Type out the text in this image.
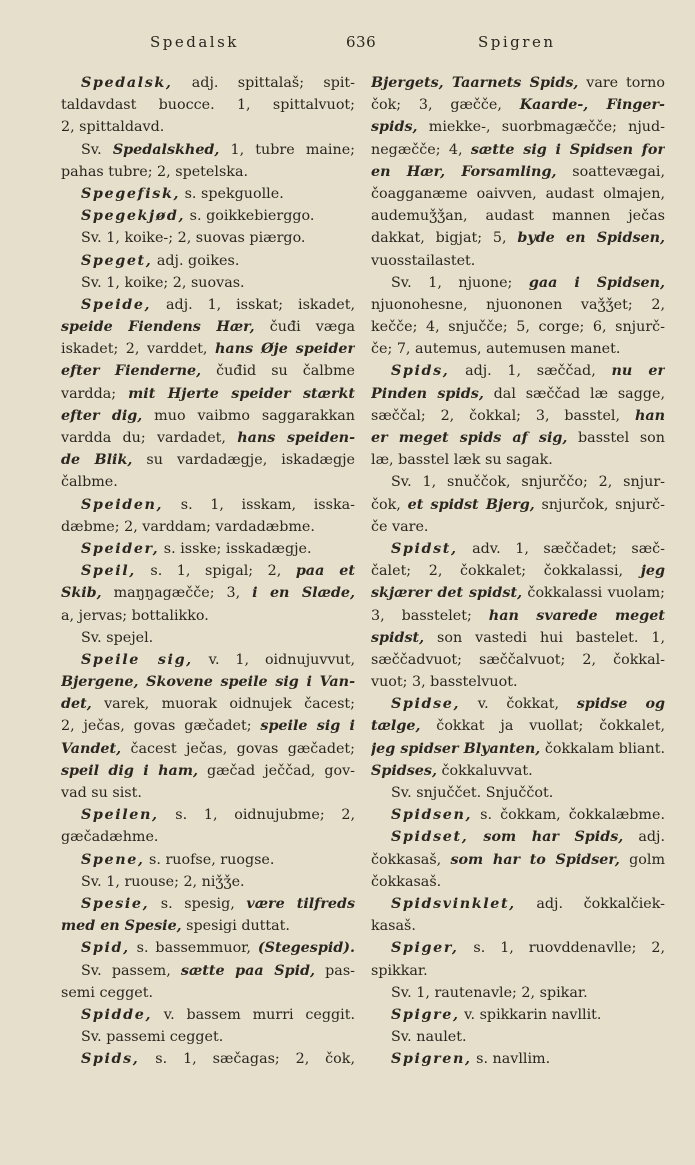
Spedalsk	636	Spigren
Spedalsk, adj. spittalaš; spit-
taldavdast buocce. 1, spittalvuot;
2, spittaldavd.
Sv. Spedalskhed, 1, tubre maine;
pahas tubre; 2, spetelska.
Spegefisk, s. spekguolle.
Spegekjød, s. goikkebierggo.
Sv. 1, koike-; 2, suovas piærgo.
Speget, adj. goikes.
Sv. 1, koike; 2, suovas.
Speide, adj. 1, isskat; iskadet,
speide Fiendens Hær, čuđi væga
iskadet; 2, varddet, hans Øje speider
efter Fienderne, čuđid su čalbme
vardda; mit Hjerte speider stærkt
efter dig, muo vaibmo saggarakkan
vardda du; vardadet, hans speiden-
de Blik, su vardadægje, iskadægje
čalbme.
Speiden, s. 1, isskam, isska-
dæbme; 2, varddam; vardadæbme.
Speider, s. isske; isskadægje.
Speil, s. 1, spigal; 2, paa et
Skib, maŋŋagæčče; 3, i en Slæde,
a, jervas; bottalikko.
Sv. spejel.
Speile sig, v. 1, oidnujuvvut,
Bjergene, Skovene speile sig i Van-
det, varek, muorak oidnujek čacest;
2, ječas, govas gæčadet; speile sig i
Vandet, čacest ječas, govas gæčadet;
speil dig i ham, gæčad ječčad, gov-
vad su sist.
Speilen, s. 1, oidnujubme; 2,
gæčadæhme.
Spene, s. ruofse, ruogse.
Sv. 1, ruouse; 2, niǯǯe.
Spesie, s. spesig, være tilfreds
med en Spesie, spesigi duttat.
Spid, s. bassemmuor, (Stegespid).
Sv. passem, sætte paa Spid, pas-
semi cegget.
Spidde, v. bassem murri ceggit.
Sv. passemi cegget.
Spids, s. 1, sæčagas; 2, čok,
Bjergets, Taarnets Spids, vare torno
čok; 3, gæčče, Kaarde-, Finger-
spids, miekke-, suorbmagæčče; njud-
negæčče; 4, sætte sig i Spidsen for
en Hær, Forsamling, soattevægai,
čoagganæme oaivven, audast olmajen,
audemuǯǯan, audast mannen ječas
dakkat, bigjat; 5, byde en Spidsen,
vuosstailastet.
Sv. 1, njuone; gaa i Spidsen,
njuonohesne, njuononen vaǯǯet; 2,
kečče; 4, snjučče; 5, corge; 6, snjurč-
če; 7, autemus, autemusen manet.
Spids, adj. 1, sæččad, nu er
Pinden spids, dal sæččad læ sagge,
sæččal; 2, čokkal; 3, basstel, han
er meget spids af sig, basstel son
læ, basstel læk su sagak.
Sv. 1, snuččok, snjurččo; 2, snjur-
čok, et spidst Bjerg, snjurčok, snjurč-
če vare.
Spidst, adv. 1, sæččadet; sæč-
čalet; 2, čokkalet; čokkalassi, jeg
skjærer det spidst, čokkalassi vuolam;
3, basstelet; han svarede meget
spidst, son vastedi hui bastelet. 1,
sæččadvuot; sæččalvuot; 2, čokkal-
vuot; 3, basstelvuot.
Spidse, v. čokkat, spidse og
tælge, čokkat ja vuollat; čokkalet,
jeg spidser Blyanten, čokkalam bliant.
Spidses, čokkaluvvat.
Sv. snjuččet. Snjuččot.
Spidsen, s. čokkam, čokkalæbme.
Spidset, som har Spids, adj.
čokkasaš, som har to Spidser, golm
čokkasaš.
Spidsvinklet, adj. čokkalčiek-
kasaš.
Spiger, s. 1, ruovddenavlle; 2,
spikkar.
Sv. 1, rautenavle; 2, spikar.
Spigre, v. spikkarin navllit.
Sv. naulet.
Spigren, s. navllim.
